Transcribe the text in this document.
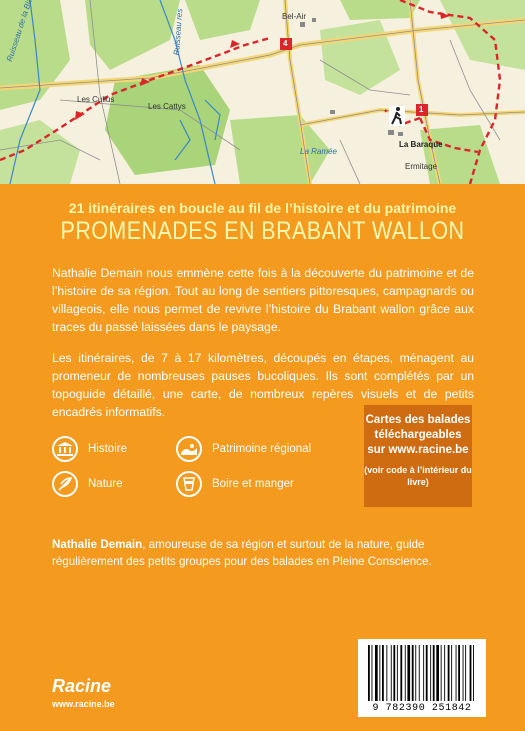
Ruisseau res	Bel-Air
Les Cullus
Les Cattys
La Ramée
La Baraque
Ermitage
4
1
21 itinéraires en boucle au fil de l’histoire et du patrimoine
PROMENADES EN BRABANT WALLON
Nathalie Demain nous emmène cette fois à la découverte du patrimoine et de l’histoire de sa région. Tout au long de sentiers pittoresques, campagnards ou villageois, elle nous permet de revivre l’histoire du Brabant wallon grâce aux traces du passé laissées dans le paysage.
Les itinéraires, de 7 à 17 kilomètres, découpés en étapes, ménagent au promeneur de nombreuses pauses bucoliques. Ils sont complétés par un topoguide détaillé, une carte, de nombreux repères visuels et de petits encadrés informatifs.
Histoire	Patrimoine régional
Nature	Boire et manger
Cartes des balades téléchargeables sur www.racine.be
(voir code à l’intérieur du livre)
Nathalie Demain, amoureuse de sa région et surtout de la nature, guide régulièrement des petits groupes pour des balades en Pleine Conscience.
Racine
www.racine.be	9 782390 251842
